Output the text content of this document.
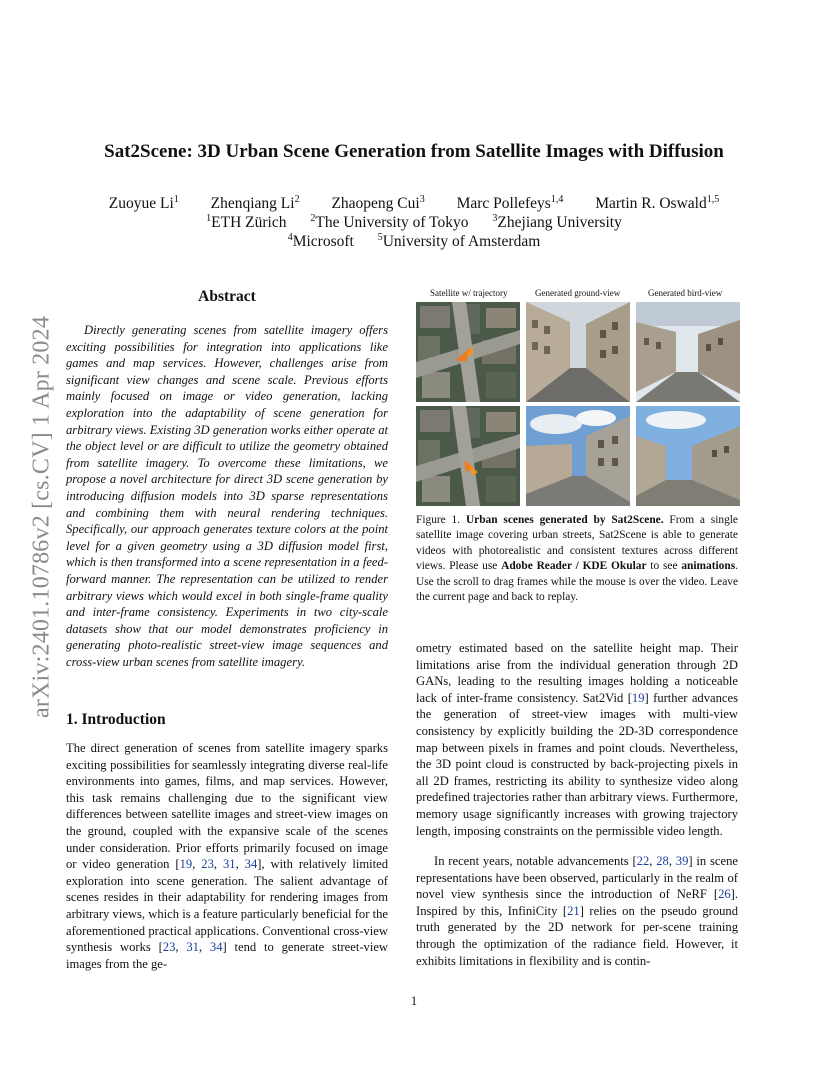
arXiv:2401.10786v2 [cs.CV] 1 Apr 2024
Sat2Scene: 3D Urban Scene Generation from Satellite Images with Diffusion
Zuoyue Li$^1$ Zhenqiang Li$^2$ Zhaopeng Cui$^3$ Marc Pollefeys$^{1,4}$ Martin R. Oswald$^{1,5}$
$^1$ETH Zürich $^2$The University of Tokyo $^3$Zhejiang University
$^4$Microsoft $^5$University of Amsterdam
Abstract
Directly generating scenes from satellite imagery offers exciting possibilities for integration into applications like games and map services. However, challenges arise from significant view changes and scene scale. Previous efforts mainly focused on image or video generation, lacking exploration into the adaptability of scene generation for arbitrary views. Existing 3D generation works either operate at the object level or are difficult to utilize the geometry obtained from satellite imagery. To overcome these limitations, we propose a novel architecture for direct 3D scene generation by introducing diffusion models into 3D sparse representations and combining them with neural rendering techniques. Specifically, our approach generates texture colors at the point level for a given geometry using a 3D diffusion model first, which is then transformed into a scene representation in a feed-forward manner. The representation can be utilized to render arbitrary views which would excel in both single-frame quality and inter-frame consistency. Experiments in two city-scale datasets show that our model demonstrates proficiency in generating photo-realistic street-view image sequences and cross-view urban scenes from satellite imagery.
1. Introduction
The direct generation of scenes from satellite imagery sparks exciting possibilities for seamlessly integrating diverse real-life environments into games, films, and map services. However, this task remains challenging due to the significant view differences between satellite images and street-view images on the ground, coupled with the expansive scale of the scenes under consideration. Prior efforts primarily focused on image or video generation [19, 23, 31, 34], with relatively limited exploration into scene generation. The salient advantage of scenes resides in their adaptability for rendering images from arbitrary views, which is a feature particularly beneficial for the aforementioned practical applications. Conventional cross-view synthesis works [23, 31, 34] tend to generate street-view images from the ge-
Satellite w/ trajectory	Generated ground-view	Generated bird-view
Figure 1. Urban scenes generated by Sat2Scene. From a single satellite image covering urban streets, Sat2Scene is able to generate videos with photorealistic and consistent textures across different views. Please use Adobe Reader / KDE Okular to see animations. Use the scroll to drag frames while the mouse is over the video. Leave the current page and back to replay.
ometry estimated based on the satellite height map. Their limitations arise from the individual generation through 2D GANs, leading to the resulting images holding a noticeable lack of inter-frame consistency. Sat2Vid [19] further advances the generation of street-view images with multi-view consistency by explicitly building the 2D-3D correspondence map between pixels in frames and point clouds. Nevertheless, the 3D point cloud is constructed by back-projecting pixels in all 2D frames, restricting its ability to synthesize video along predefined trajectories rather than arbitrary views. Furthermore, memory usage significantly increases with growing trajectory length, imposing constraints on the permissible video length.
In recent years, notable advancements [22, 28, 39] in scene representations have been observed, particularly in the realm of novel view synthesis since the introduction of NeRF [26]. Inspired by this, InfiniCity [21] relies on the pseudo ground truth generated by the 2D network for per-scene training through the optimization of the radiance field. However, it exhibits limitations in flexibility and is contin-
1
